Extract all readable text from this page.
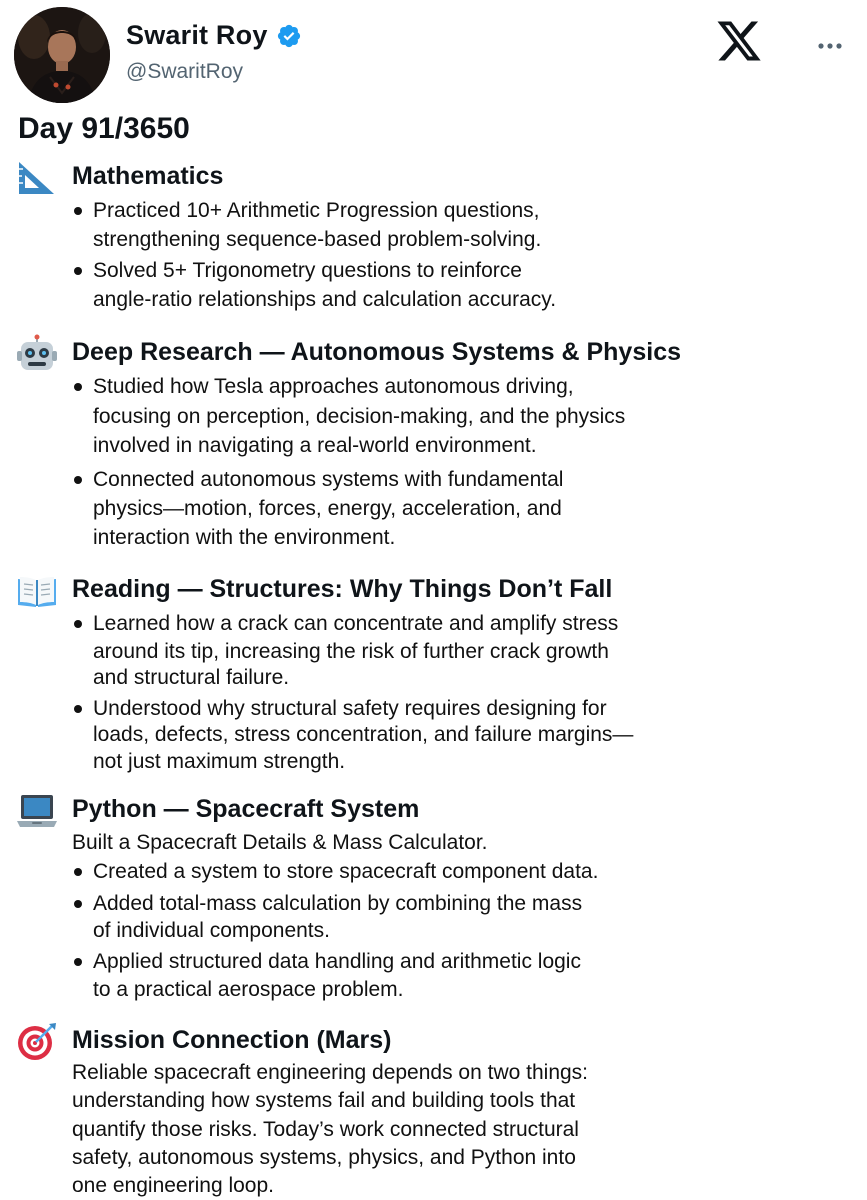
Swarit Roy
@SwaritRoy
Day 91/3650
Mathematics
Practiced 10+ Arithmetic Progression questions,
strengthening sequence-based problem-solving.
Solved 5+ Trigonometry questions to reinforce
angle-ratio relationships and calculation accuracy.
Deep Research — Autonomous Systems & Physics
Studied how Tesla approaches autonomous driving,
focusing on perception, decision-making, and the physics
involved in navigating a real-world environment.
Connected autonomous systems with fundamental
physics—motion, forces, energy, acceleration, and
interaction with the environment.
Reading — Structures: Why Things Don’t Fall
Learned how a crack can concentrate and amplify stress
around its tip, increasing the risk of further crack growth
and structural failure.
Understood why structural safety requires designing for
loads, defects, stress concentration, and failure margins—
not just maximum strength.
Python — Spacecraft System
Built a Spacecraft Details & Mass Calculator.
Created a system to store spacecraft component data.
Added total-mass calculation by combining the mass
of individual components.
Applied structured data handling and arithmetic logic
to a practical aerospace problem.
Mission Connection (Mars)
Reliable spacecraft engineering depends on two things:
understanding how systems fail and building tools that
quantify those risks. Today’s work connected structural
safety, autonomous systems, physics, and Python into
one engineering loop.
